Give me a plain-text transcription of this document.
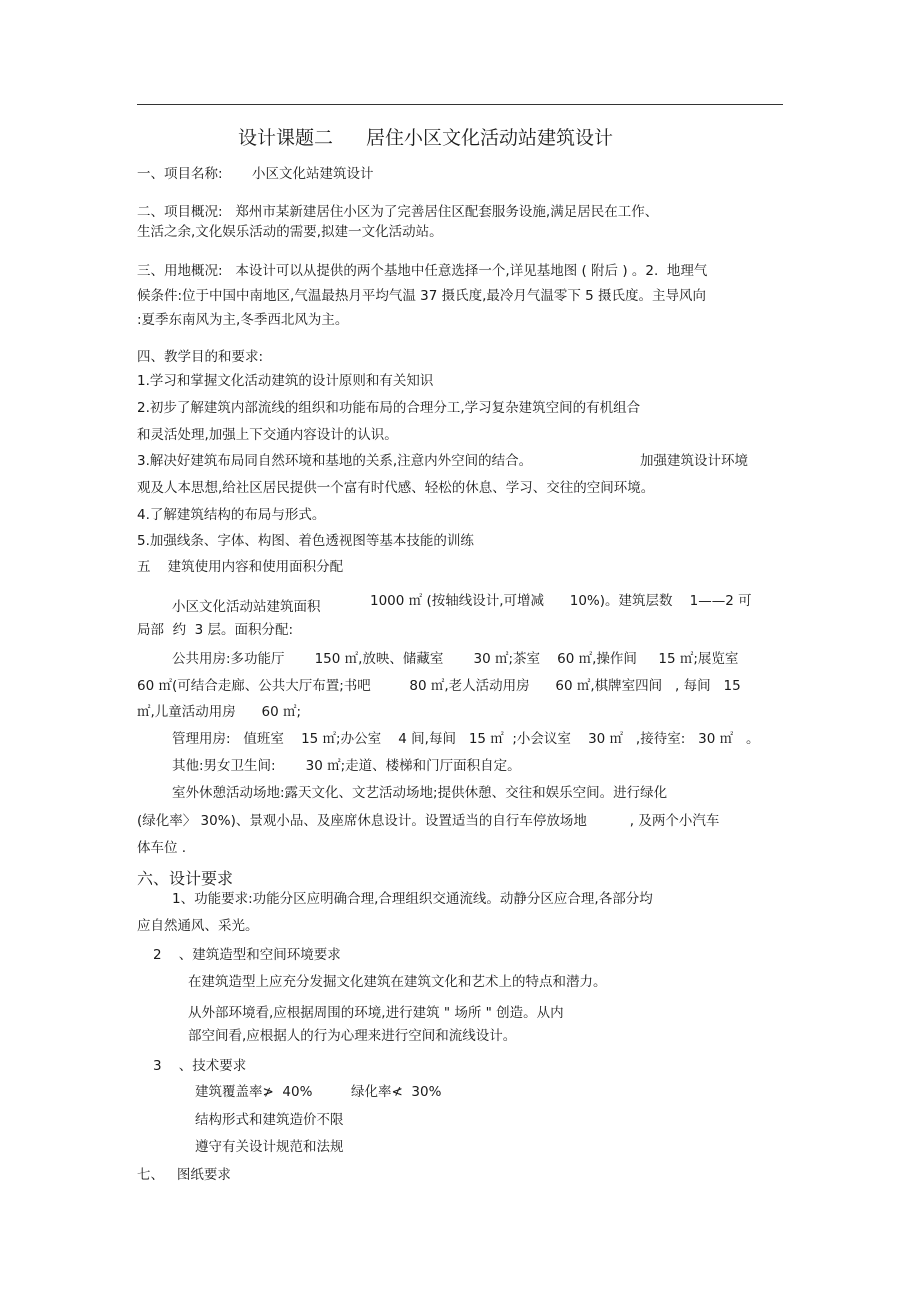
设计课题二 居住小区文化活动站建筑设计
一、项目名称: 小区文化站建筑设计
二、项目概况:   郑州市某新建居住小区为了完善居住区配套服务设施,满足居民在工作、
生活之余,文化娱乐活动的需要,拟建一文化活动站。
三、用地概况:   本设计可以从提供的两个基地中任意选择一个,详见基地图 ( 附后 ) 。2.  地理气
候条件:位于中国中南地区,气温最热月平均气温 37 摄氏度,最冷月气温零下 5 摄氏度。主导风向
:夏季东南风为主,冬季西北风为主。
四、教学目的和要求:
1.学习和掌握文化活动建筑的设计原则和有关知识
2.初步了解建筑内部流线的组织和功能布局的合理分工,学习复杂建筑空间的有机组合
和灵活处理,加强上下交通内容设计的认识。
3.解决好建筑布局同自然环境和基地的关系,注意内外空间的结合。	加强建筑设计环境
观及人本思想,给社区居民提供一个富有时代感、轻松的休息、学习、交往的空间环境。
4.了解建筑结构的布局与形式。
5.加强线条、字体、构图、着色透视图等基本技能的训练
五    建筑使用内容和使用面积分配
小区文化活动站建筑面积	1000 ㎡ (按轴线设计,可增减      10%)。建筑层数    1——2 可
局部  约  3 层。面积分配:
公共用房:多功能厅       150 ㎡,放映、储藏室       30 ㎡;茶室    60 ㎡,操作间     15 ㎡;展览室
60 ㎡(可结合走廊、公共大厅布置;书吧         80 ㎡,老人活动用房      60 ㎡,棋牌室四间   , 每间   15
㎡,儿童活动用房      60 ㎡;
管理用房:   值班室    15 ㎡;办公室    4 间,每间   15 ㎡  ;小会议室    30 ㎡   ,接待室:   30 ㎡   。
其他:男女卫生间:       30 ㎡;走道、楼梯和门厅面积自定。
室外休憩活动场地:露天文化、文艺活动场地;提供休憩、交往和娱乐空间。进行绿化
(绿化率〉 30%)、景观小品、及座席休息设计。设置适当的自行车停放场地          , 及两个小汽车
体车位 .
六、设计要求
1、功能要求:功能分区应明确合理,合理组织交通流线。动静分区应合理,各部分均
应自然通风、采光。
2    、建筑造型和空间环境要求
在建筑造型上应充分发掘文化建筑在建筑文化和艺术上的特点和潜力。
从外部环境看,应根据周围的环境,进行建筑 " 场所 " 创造。从内
部空间看,应根据人的行为心理来进行空间和流线设计。
3    、技术要求
建筑覆盖率≯  40%         绿化率≮  30%
结构形式和建筑造价不限
遵守有关设计规范和法规
七、   图纸要求
